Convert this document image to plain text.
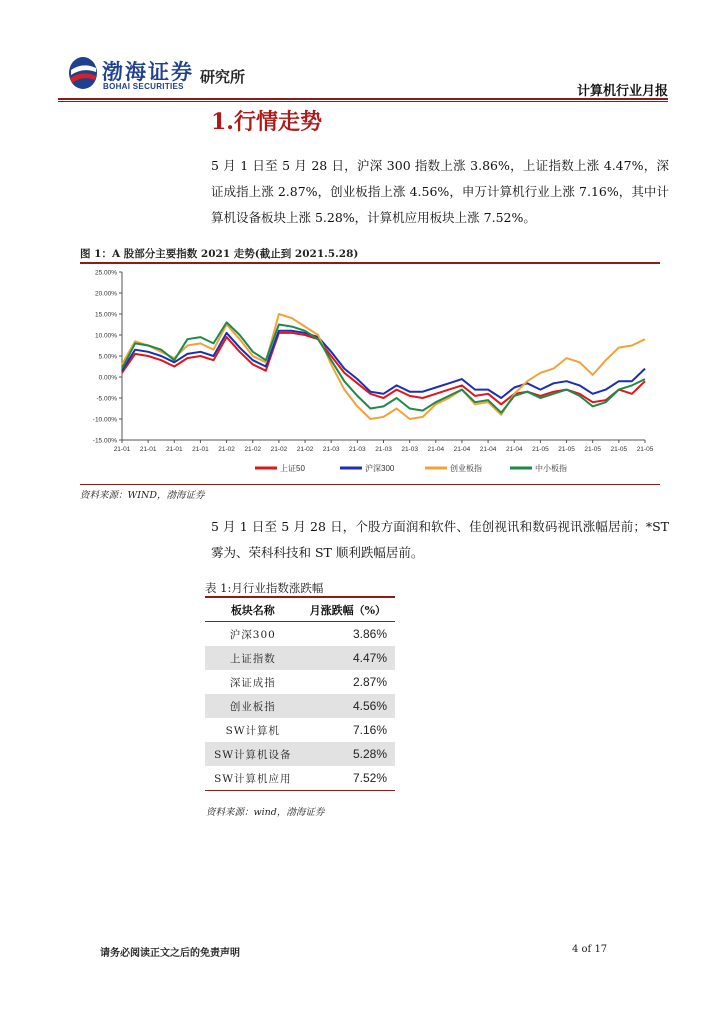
渤海证券
BOHAI SECURITIES
研究所
计算机行业月报
1.行情走势
5 月 1 日至 5 月 28 日，沪深 300 指数上涨 3.86%，上证指数上涨 4.47%，深证成指上涨 2.87%，创业板指上涨 4.56%，申万计算机行业上涨 7.16%，其中计算机设备板块上涨 5.28%，计算机应用板块上涨 7.52%。
图 1：A 股部分主要指数 2021 走势(截止到 2021.5.28)
25.00%
20.00%
15.00%
10.00%
5.00%
0.00%
-5.00%
-10.00%
-15.00%
21-01 21-01 21-01 21-01 21-02 21-02 21-02 21-02 21-03 21-03 21-03 21-03 21-04 21-04 21-04 21-04 21-05 21-05 21-05 21-05 21-05
上证50	沪深300	创业板指	中小板指
资料来源：WIND，渤海证券
5 月 1 日至 5 月 28 日，个股方面润和软件、佳创视讯和数码视讯涨幅居前；*ST 雾为、荣科科技和 ST 顺利跌幅居前。
表 1:月行业指数涨跌幅
板块名称	月涨跌幅（%）
沪深300	3.86%
上证指数	4.47%
深证成指	2.87%
创业板指	4.56%
SW计算机	7.16%
SW计算机设备	5.28%
SW计算机应用	7.52%
资料来源：wind，渤海证券
请务必阅读正文之后的免责声明	4 of 17
